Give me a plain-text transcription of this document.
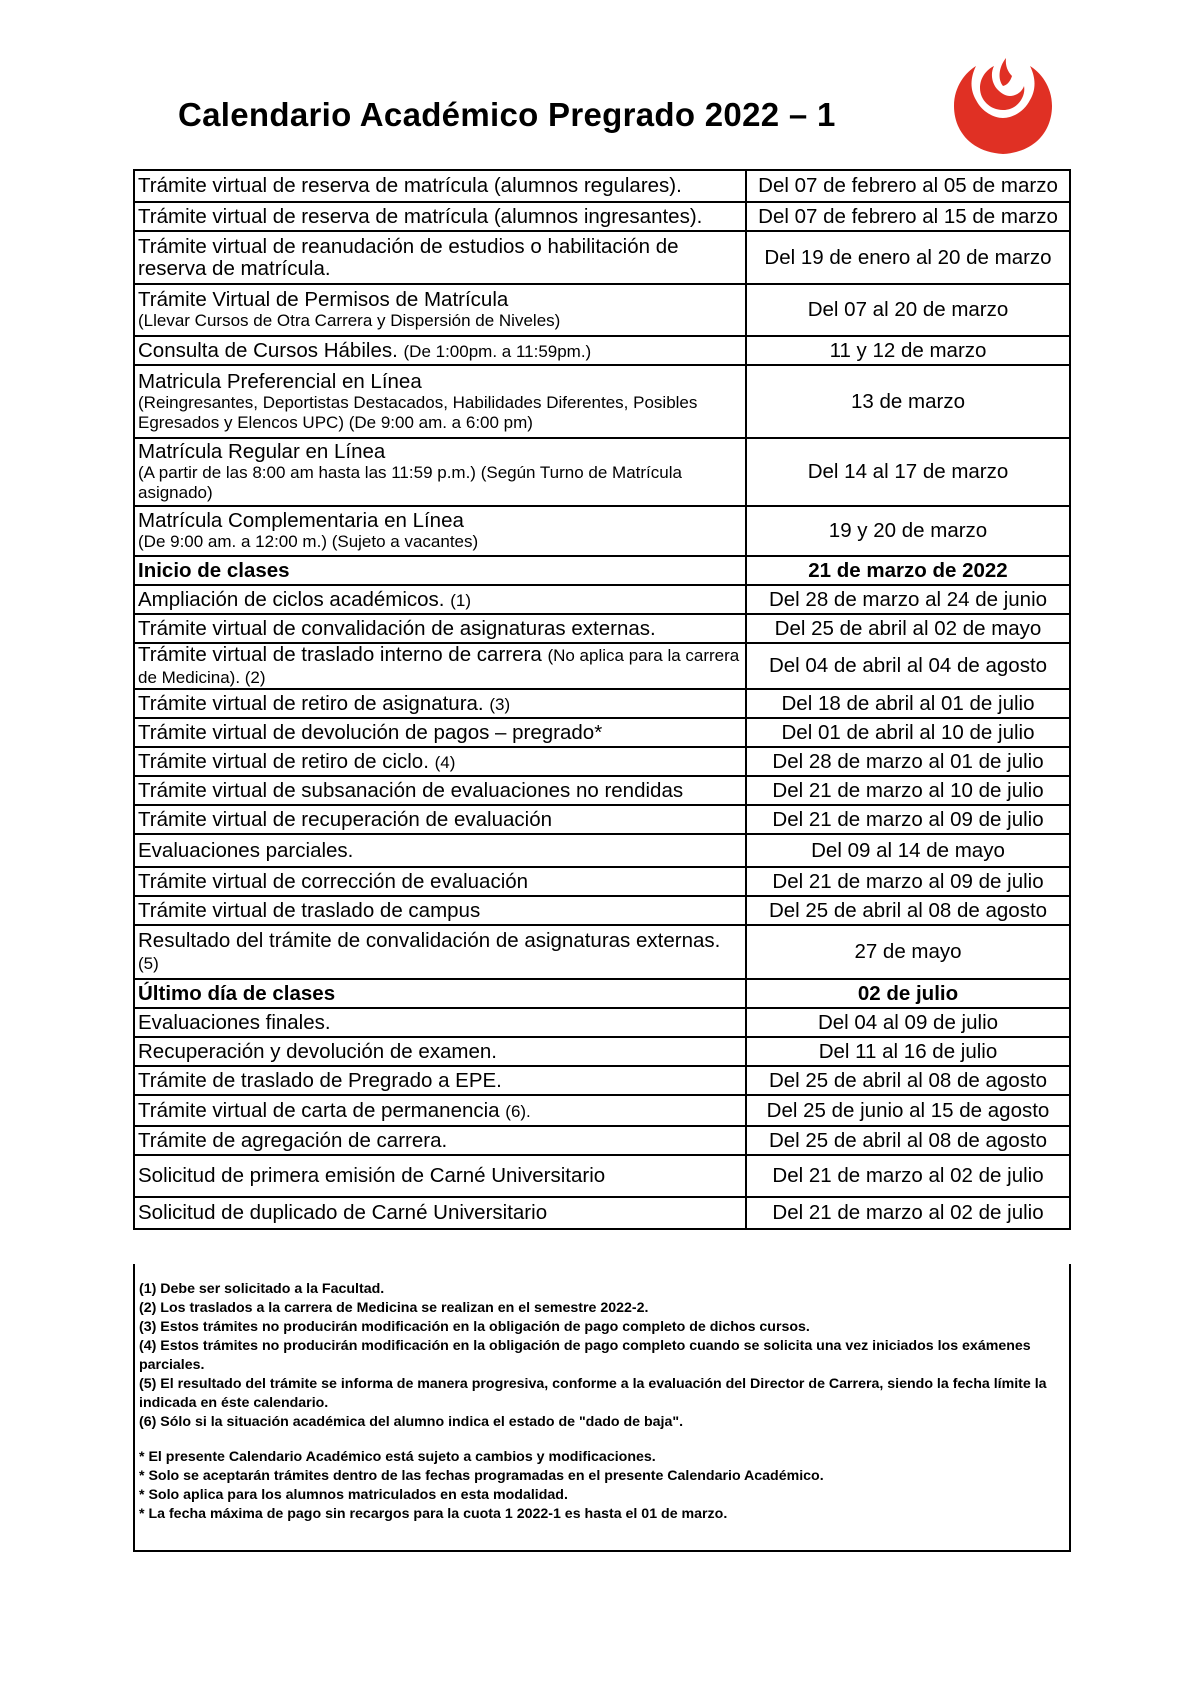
Calendario Académico Pregrado 2022 – 1
Trámite virtual de reserva de matrícula (alumnos regulares).	Del 07 de febrero al 05 de marzo
Trámite virtual de reserva de matrícula (alumnos ingresantes).	Del 07 de febrero al 15 de marzo
Trámite virtual de reanudación de estudios o habilitación de reserva de matrícula.	Del 19 de enero al 20 de marzo
Trámite Virtual de Permisos de Matrícula
(Llevar Cursos de Otra Carrera y Dispersión de Niveles)	Del 07 al 20 de marzo
Consulta de Cursos Hábiles. (De 1:00pm. a 11:59pm.)	11 y 12 de marzo
Matricula Preferencial en Línea
(Reingresantes, Deportistas Destacados, Habilidades Diferentes, Posibles Egresados y Elencos UPC) (De 9:00 am. a 6:00 pm)	13 de marzo
Matrícula Regular en Línea
(A partir de las 8:00 am hasta las 11:59 p.m.) (Según Turno de Matrícula asignado)	Del 14 al 17 de marzo
Matrícula Complementaria en Línea
(De 9:00 am. a 12:00 m.) (Sujeto a vacantes)	19 y 20 de marzo
Inicio de clases	21 de marzo de 2022
Ampliación de ciclos académicos. (1)	Del 28 de marzo al 24 de junio
Trámite virtual de convalidación de asignaturas externas.	Del 25 de abril al 02 de mayo
Trámite virtual de traslado interno de carrera (No aplica para la carrera de Medicina). (2)	Del 04 de abril al 04 de agosto
Trámite virtual de retiro de asignatura. (3)	Del 18 de abril al 01 de julio
Trámite virtual de devolución de pagos – pregrado*	Del 01 de abril al 10 de julio
Trámite virtual de retiro de ciclo. (4)	Del 28 de marzo al 01 de julio
Trámite virtual de subsanación de evaluaciones no rendidas	Del 21 de marzo al 10 de julio
Trámite virtual de recuperación de evaluación	Del 21 de marzo al 09 de julio
Evaluaciones parciales.	Del 09 al 14 de mayo
Trámite virtual de corrección de evaluación	Del 21 de marzo al 09 de julio
Trámite virtual de traslado de campus	Del 25 de abril al 08 de agosto
Resultado del trámite de convalidación de asignaturas externas. (5)	27 de mayo
Último día de clases	02 de julio
Evaluaciones finales.	Del 04 al 09 de julio
Recuperación y devolución de examen.	Del 11 al 16 de julio
Trámite de traslado de Pregrado a EPE.	Del 25 de abril al 08 de agosto
Trámite virtual de carta de permanencia (6).	Del 25 de junio al 15 de agosto
Trámite de agregación de carrera.	Del 25 de abril al 08 de agosto
Solicitud de primera emisión de Carné Universitario	Del 21 de marzo al 02 de julio
Solicitud de duplicado de Carné Universitario	Del 21 de marzo al 02 de julio
(1) Debe ser solicitado a la Facultad.
(2) Los traslados a la carrera de Medicina se realizan en el semestre 2022-2.
(3) Estos trámites no producirán modificación en la obligación de pago completo de dichos cursos.
(4) Estos trámites no producirán modificación en la obligación de pago completo cuando se solicita una vez iniciados los exámenes parciales.
(5) El resultado del trámite se informa de manera progresiva, conforme a la evaluación del Director de Carrera, siendo la fecha límite la indicada en éste calendario.
(6) Sólo si la situación académica del alumno indica el estado de "dado de baja".
* El presente Calendario Académico está sujeto a cambios y modificaciones.
* Solo se aceptarán trámites dentro de las fechas programadas en el presente Calendario Académico.
* Solo aplica para los alumnos matriculados en esta modalidad.
* La fecha máxima de pago sin recargos para la cuota 1 2022-1 es hasta el 01 de marzo.
